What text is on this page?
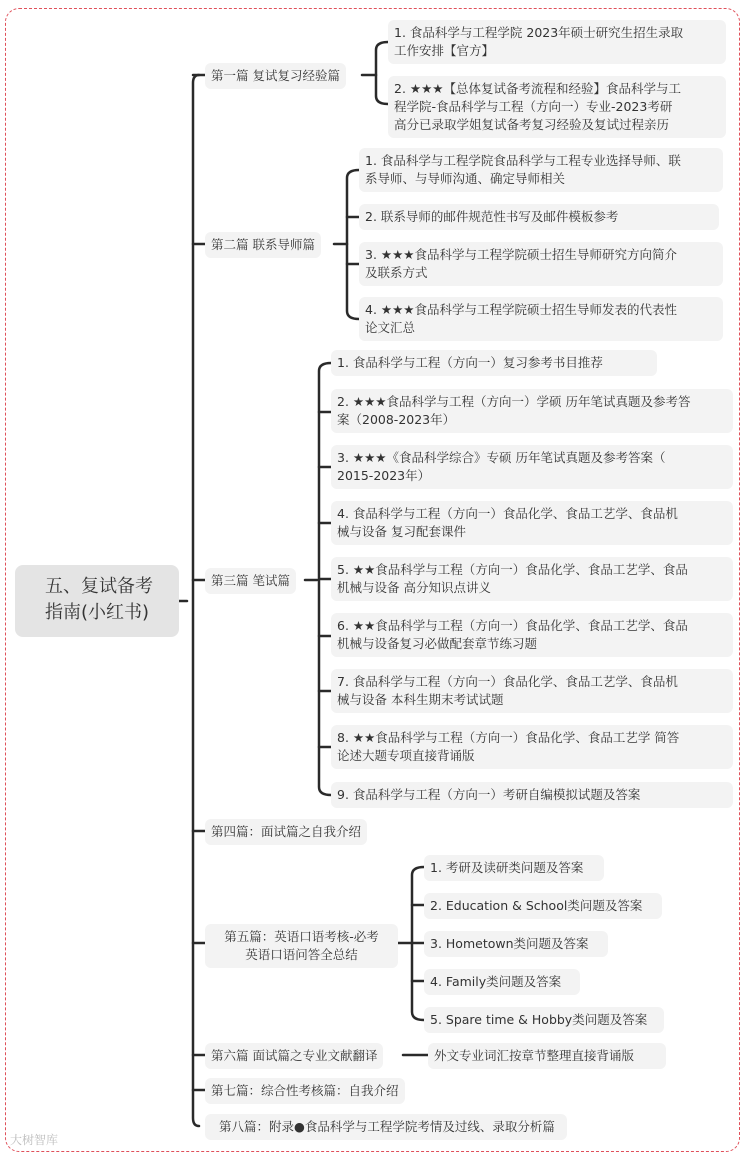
五、复试备考
指南(小红书)
第一篇 复试复习经验篇
第二篇 联系导师篇
第三篇 笔试篇
第四篇：面试篇之自我介绍
第五篇：英语口语考核-必考
英语口语问答全总结
第六篇 面试篇之专业文献翻译
第七篇：综合性考核篇：自我介绍
第八篇：附录●食品科学与工程学院考情及过线、录取分析篇
1. 食品科学与工程学院 2023年硕士研究生招生录取
工作安排【官方】
2. ★★★【总体复试备考流程和经验】食品科学与工
程学院-食品科学与工程（方向一）专业-2023考研
高分已录取学姐复试备考复习经验及复试过程亲历
1. 食品科学与工程学院食品科学与工程专业选择导师、联
系导师、与导师沟通、确定导师相关
2. 联系导师的邮件规范性书写及邮件模板参考
3. ★★★食品科学与工程学院硕士招生导师研究方向简介
及联系方式
4. ★★★食品科学与工程学院硕士招生导师发表的代表性
论文汇总
1. 食品科学与工程（方向一）复习参考书目推荐
2. ★★★食品科学与工程（方向一）学硕 历年笔试真题及参考答
案（2008-2023年）
3. ★★★《食品科学综合》专硕 历年笔试真题及参考答案（
2015-2023年）
4. 食品科学与工程（方向一）食品化学、食品工艺学、食品机
械与设备 复习配套课件
5. ★★食品科学与工程（方向一）食品化学、食品工艺学、食品
机械与设备 高分知识点讲义
6. ★★食品科学与工程（方向一）食品化学、食品工艺学、食品
机械与设备复习必做配套章节练习题
7. 食品科学与工程（方向一）食品化学、食品工艺学、食品机
械与设备 本科生期末考试试题
8. ★★食品科学与工程（方向一）食品化学、食品工艺学 简答
论述大题专项直接背诵版
9. 食品科学与工程（方向一）考研自编模拟试题及答案
1. 考研及读研类问题及答案
2. Education & School类问题及答案
3. Hometown类问题及答案
4. Family类问题及答案
5. Spare time & Hobby类问题及答案
外文专业词汇按章节整理直接背诵版
大树智库
